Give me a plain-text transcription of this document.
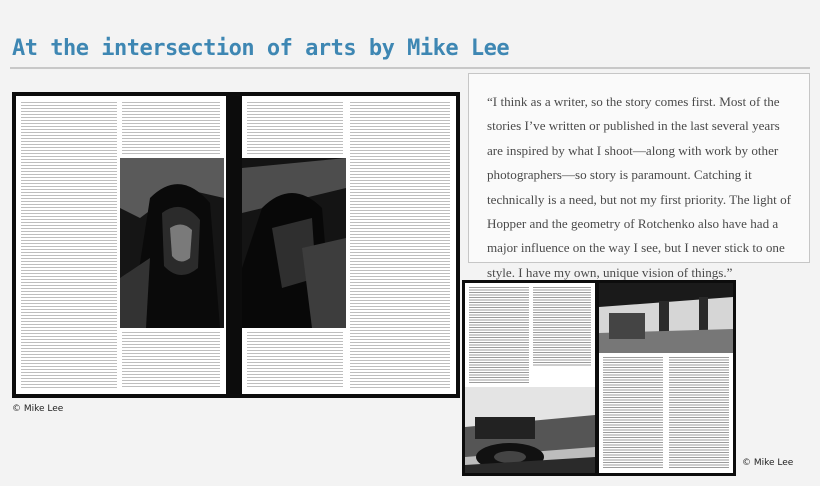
At the intersection of arts by Mike Lee
© Mike Lee
“I think as a writer, so the story comes first. Most of the stories I’ve written or published in the last several years are inspired by what I shoot—along with work by other photographers—so story is paramount. Catching it technically is a need, but not my first priority. The light of Hopper and the geometry of Rotchenko also have had a major influence on the way I see, but I never stick to one style. I have my own, unique vision of things.”
© Mike Lee
